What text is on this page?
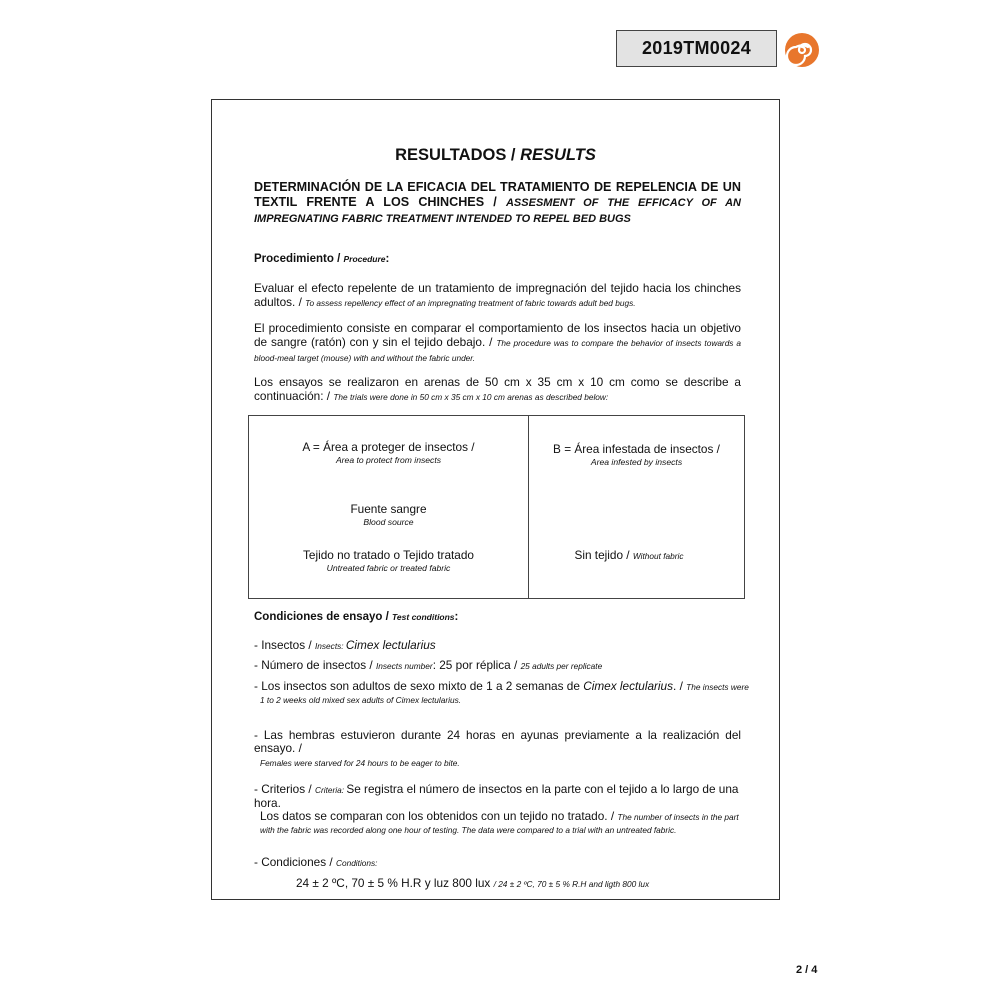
2019TM0024
RESULTADOS / RESULTS
DETERMINACIÓN DE LA EFICACIA DEL TRATAMIENTO DE REPELENCIA DE UN TEXTIL FRENTE A LOS CHINCHES / ASSESMENT OF THE EFFICACY OF AN IMPREGNATING FABRIC TREATMENT INTENDED TO REPEL BED BUGS
Procedimiento / Procedure:
Evaluar el efecto repelente de un tratamiento de impregnación del tejido hacia los chinches adultos. / To assess repellency effect of an impregnating treatment of fabric towards adult bed bugs.
El procedimiento consiste en comparar el comportamiento de los insectos hacia un objetivo de sangre (ratón) con y sin el tejido debajo. / The procedure was to compare the behavior of insects towards a blood-meal target (mouse) with and without the fabric under.
Los ensayos se realizaron en arenas de 50 cm x 35 cm x 10 cm como se describe a continuación: / The trials were done in 50 cm x 35 cm x 10 cm arenas as described below:
A = Área a proteger de insectos /
Area to protect from insects
Fuente sangre
Blood source
Tejido no tratado o Tejido tratado
Untreated fabric or treated fabric
B = Área infestada de insectos /
Area infested by insects
Sin tejido / Without fabric
Condiciones de ensayo / Test conditions:
- Insectos / Insects: Cimex lectularius
- Número de insectos / Insects number: 25 por réplica / 25 adults per replicate
- Los insectos son adultos de sexo mixto de 1 a 2 semanas de Cimex lectularius. / The insects were
1 to 2 weeks old mixed sex adults of Cimex lectularius.
- Las hembras estuvieron durante 24 horas en ayunas previamente a la realización del ensayo. /
Females were starved for 24 hours to be eager to bite.
- Criterios / Criteria: Se registra el número de insectos en la parte con el tejido a lo largo de una hora.
Los datos se comparan con los obtenidos con un tejido no tratado. / The number of insects in the part
with the fabric was recorded along one hour of testing. The data were compared to a trial with an untreated fabric.
- Condiciones / Conditions:
24 ± 2 ºC, 70 ± 5 % H.R y luz 800 lux / 24 ± 2 ºC, 70 ± 5 % R.H and ligth 800 lux
2 / 4
